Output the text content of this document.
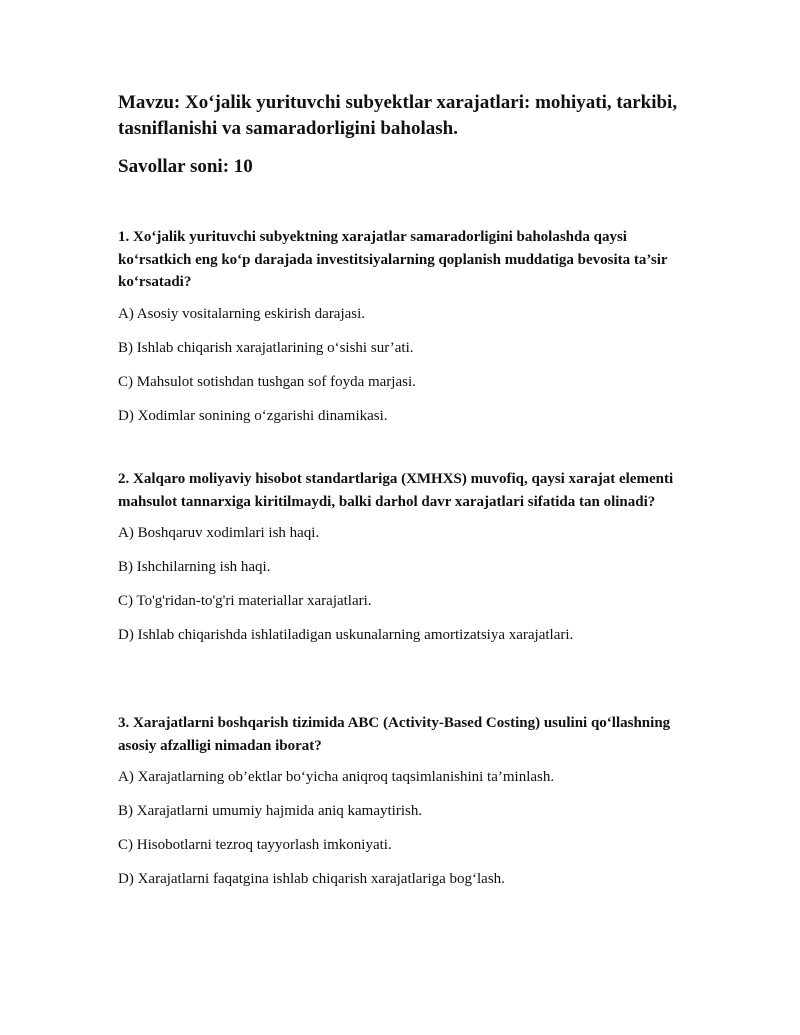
Mavzu: Xo‘jalik yurituvchi subyektlar xarajatlari: mohiyati, tarkibi, tasniflanishi va samaradorligini baholash.

Savollar soni: 10

1. Xo‘jalik yurituvchi subyektning xarajatlar samaradorligini baholashda qaysi ko‘rsatkich eng ko‘p darajada investitsiyalarning qoplanish muddatiga bevosita ta’sir ko‘rsatadi?

A) Asosiy vositalarning eskirish darajasi.
B) Ishlab chiqarish xarajatlarining o‘sishi sur’ati.
C) Mahsulot sotishdan tushgan sof foyda marjasi.
D) Xodimlar sonining o‘zgarishi dinamikasi.

2. Xalqaro moliyaviy hisobot standartlariga (XMHXS) muvofiq, qaysi xarajat elementi mahsulot tannarxiga kiritilmaydi, balki darhol davr xarajatlari sifatida tan olinadi?

A) Boshqaruv xodimlari ish haqi.
B) Ishchilarning ish haqi.
C) To'g'ridan-to'g'ri materiallar xarajatlari.
D) Ishlab chiqarishda ishlatiladigan uskunalarning amortizatsiya xarajatlari.

3. Xarajatlarni boshqarish tizimida ABC (Activity-Based Costing) usulini qo‘llashning asosiy afzalligi nimadan iborat?

A) Xarajatlarning ob’ektlar bo‘yicha aniqroq taqsimlanishini ta’minlash.
B) Xarajatlarni umumiy hajmida aniq kamaytirish.
C) Hisobotlarni tezroq tayyorlash imkoniyati.
D) Xarajatlarni faqatgina ishlab chiqarish xarajatlariga bog‘lash.
